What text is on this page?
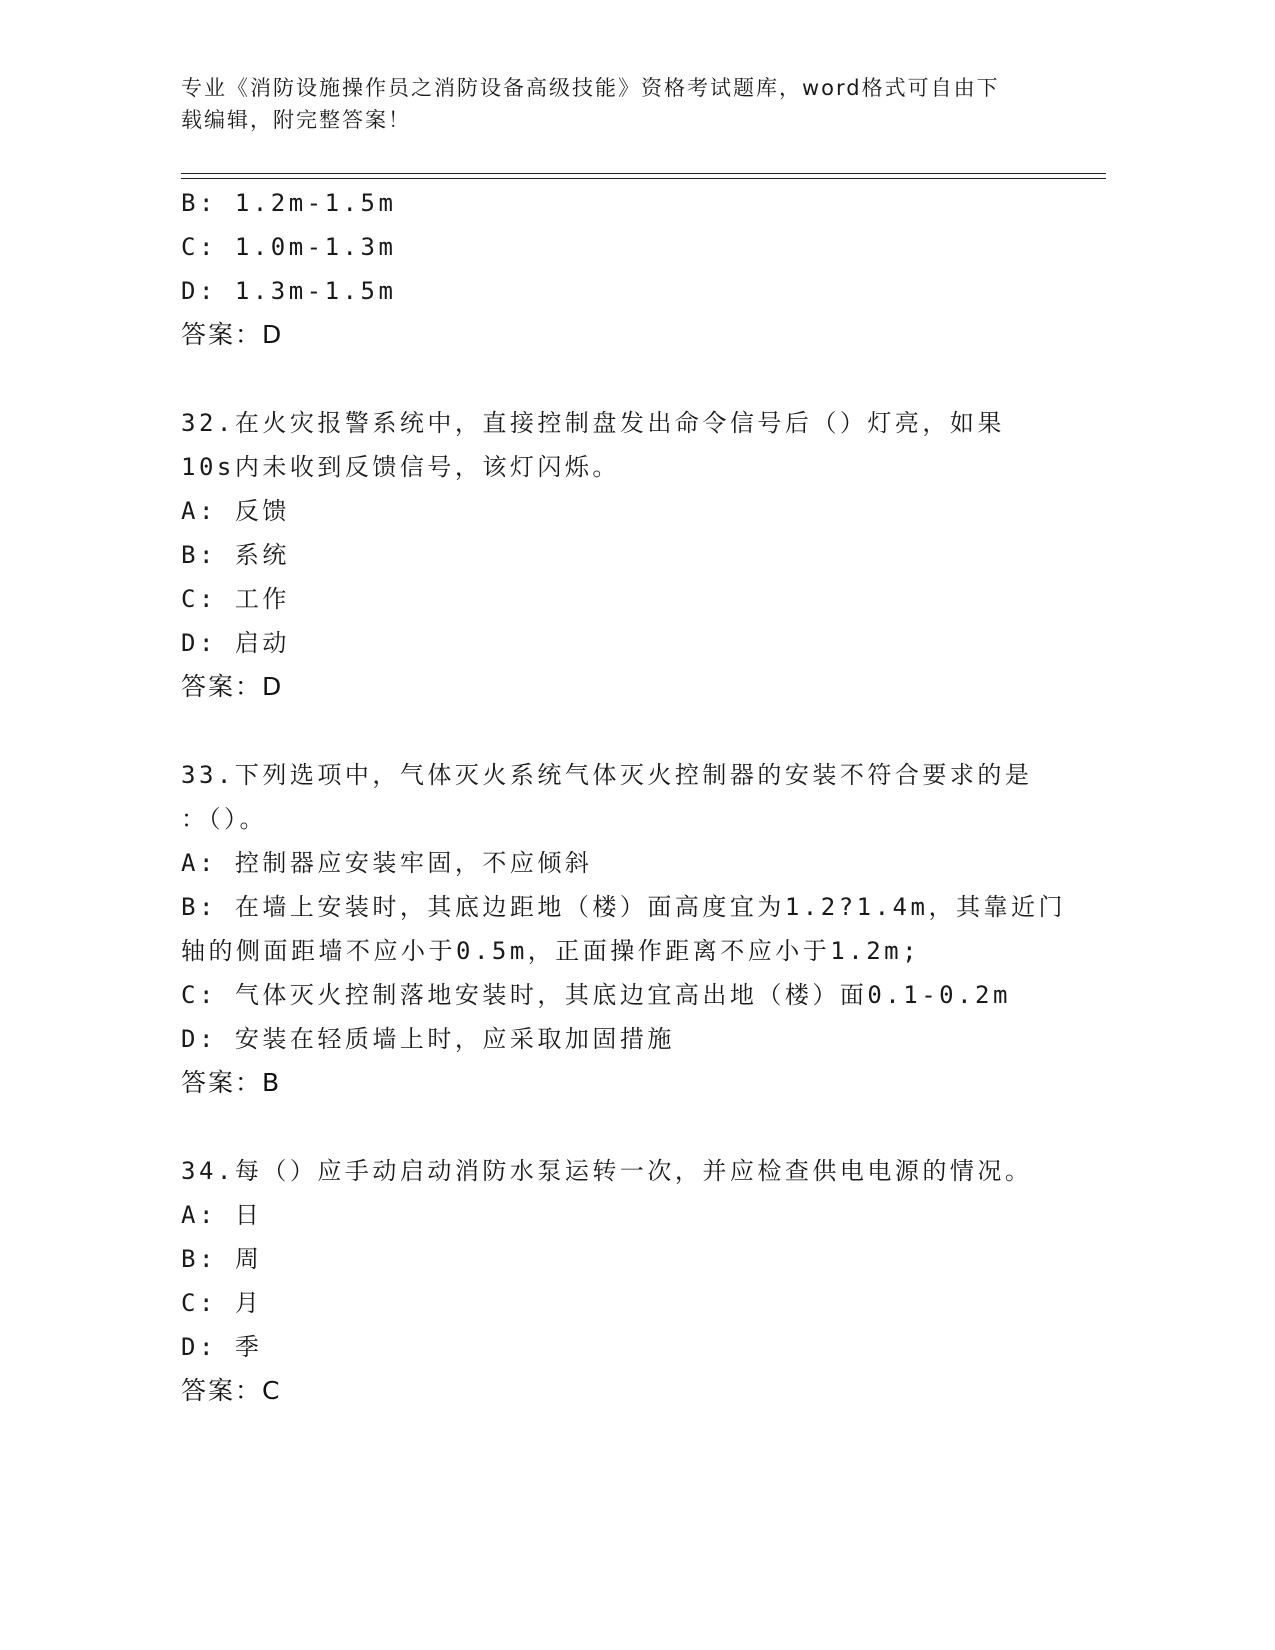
专业《消防设施操作员之消防设备高级技能》资格考试题库，word格式可自由下
载编辑，附完整答案！
B: 1.2m-1.5m
C: 1.0m-1.3m
D: 1.3m-1.5m
答案：D
32.在火灾报警系统中，直接控制盘发出命令信号后（）灯亮，如果
10s内未收到反馈信号，该灯闪烁。
A: 反馈
B: 系统
C: 工作
D: 启动
答案：D
33.下列选项中，气体灭火系统气体灭火控制器的安装不符合要求的是
：（）。
A: 控制器应安装牢固，不应倾斜
B: 在墙上安装时，其底边距地（楼）面高度宜为1.2?1.4m，其靠近门
轴的侧面距墙不应小于0.5m，正面操作距离不应小于1.2m;
C: 气体灭火控制落地安装时，其底边宜高出地（楼）面0.1-0.2m
D: 安装在轻质墙上时，应采取加固措施
答案：B
34.每（）应手动启动消防水泵运转一次，并应检查供电电源的情况。
A: 日
B: 周
C: 月
D: 季
答案：C
